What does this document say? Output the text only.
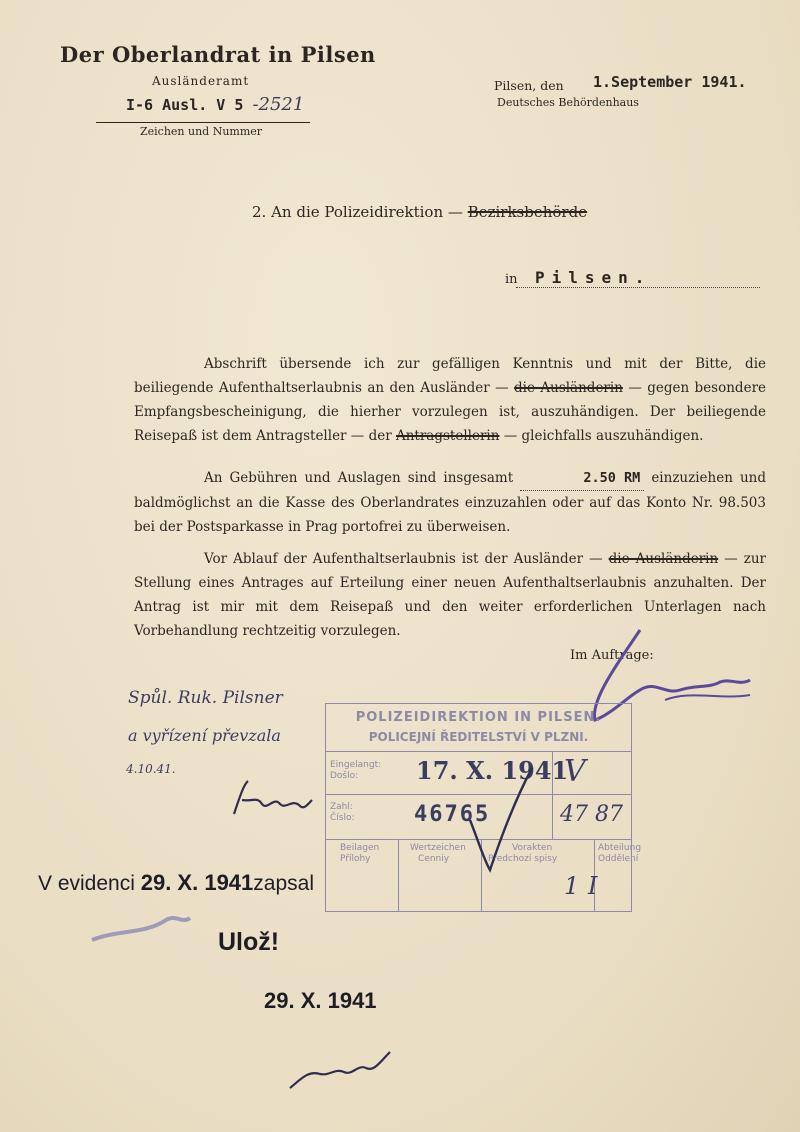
Der Oberlandrat in Pilsen
Ausländeramt
I-6 Ausl. V 5 -2521
Zeichen und Nummer
Pilsen, den 1.September 1941.
Deutsches Behördenhaus
2. An die Polizeidirektion — Bezirksbehörde
in Pilsen.
Abschrift übersende ich zur gefälligen Kenntnis und mit der Bitte, die beiliegende Aufenthaltserlaubnis an den Ausländer — die Ausländerin — gegen besondere Empfangsbescheinigung, die hierher vorzulegen ist, auszuhändigen. Der beiliegende Reisepaß ist dem Antragsteller — der Antragstellerin — gleichfalls auszuhändigen.
An Gebühren und Auslagen sind insgesamt	2.50 RM einzuziehen und baldmöglichst an die Kasse des Oberlandrates einzuzahlen oder auf das Konto Nr. 98.503 bei der Postsparkasse in Prag portofrei zu überweisen.
Vor Ablauf der Aufenthaltserlaubnis ist der Ausländer — die Ausländerin — zur Stellung eines Antrages auf Erteilung einer neuen Aufenthaltserlaubnis anzuhalten. Der Antrag ist mir mit dem Reisepaß und den weiter erforderlichen Unterlagen nach Vorbehandlung rechtzeitig vorzulegen.
Im Auftrage:
Spůl. Ruk. Pilsner
a vyřízení převzala
4.10.41.
POLIZEIDIREKTION IN PILSEN.
POLICEJNÍ ŘEDITELSTVÍ V PLZNI.
Eingelangt:
Došlo: 17. X. 1941
Zahl:
Číslo:	46765
V
47 87
Beilagen
Přílohy
Wertzeichen
Cenniy
Vorakten
Předchozí spisy
Abteilung
Oddělení
1 I
V evidenci 29. X. 1941zapsal
Ulož!
29. X. 1941
